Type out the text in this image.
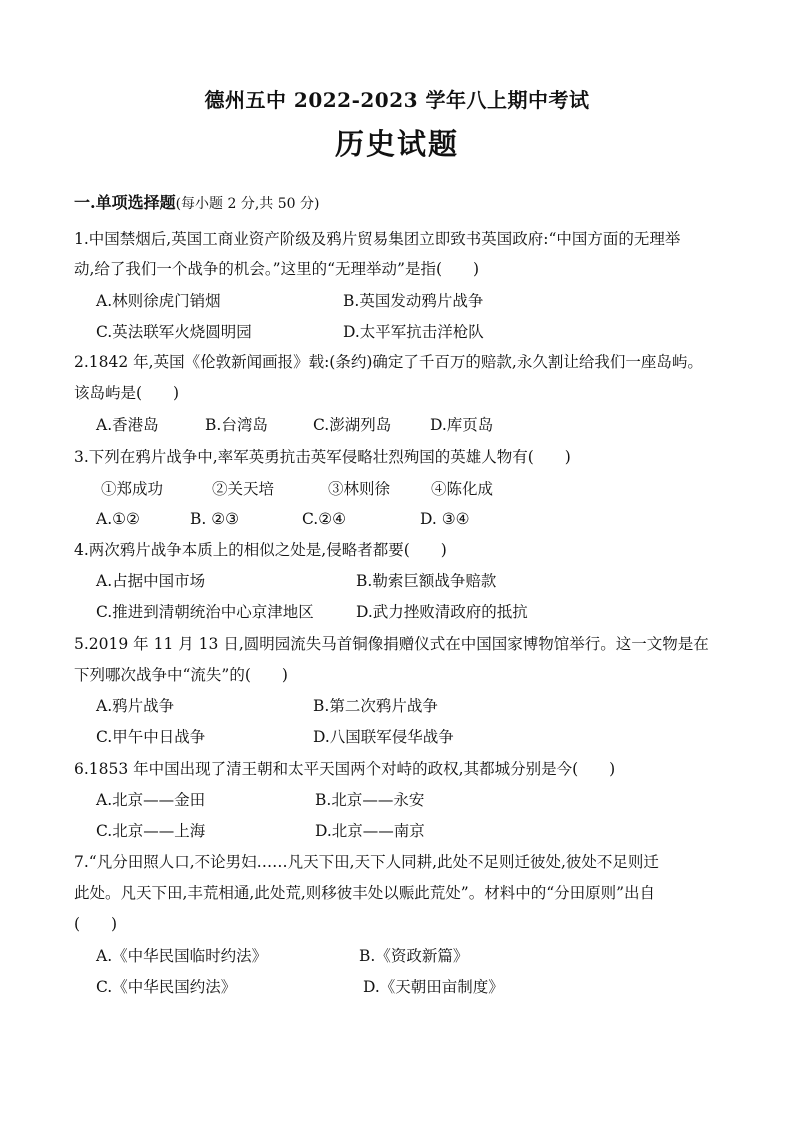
德州五中 2022-2023 学年八上期中考试
历史试题
一.单项选择题(每小题 2 分,共 50 分)
1.中国禁烟后,英国工商业资产阶级及鸦片贸易集团立即致书英国政府:“中国方面的无理举
动,给了我们一个战争的机会。”这里的“无理举动”是指(　　)
A.林则徐虎门销烟	B.英国发动鸦片战争
C.英法联军火烧圆明园	D.太平军抗击洋枪队
2.1842 年,英国《伦敦新闻画报》载:(条约)确定了千百万的赔款,永久割让给我们一座岛屿。
该岛屿是(　　)
A.香港岛	B.台湾岛	C.澎湖列岛	D.库页岛
3.下列在鸦片战争中,率军英勇抗击英军侵略壮烈殉国的英雄人物有(　　)
①郑成功	②关天培	③林则徐	④陈化成
A.①②	B. ②③	C.②④	D. ③④
4.两次鸦片战争本质上的相似之处是,侵略者都要(　　)
A.占据中国市场	B.勒索巨额战争赔款
C.推进到清朝统治中心京津地区	D.武力挫败清政府的抵抗
5.2019 年 11 月 13 日,圆明园流失马首铜像捐赠仪式在中国国家博物馆举行。这一文物是在
下列哪次战争中“流失”的(　　)
A.鸦片战争	B.第二次鸦片战争
C.甲午中日战争	D.八国联军侵华战争
6.1853 年中国出现了清王朝和太平天国两个对峙的政权,其都城分别是今(　　)
A.北京——金田	B.北京——永安
C.北京——上海	D.北京——南京
7.“凡分田照人口,不论男妇……凡天下田,天下人同耕,此处不足则迁彼处,彼处不足则迁
此处。凡天下田,丰荒相通,此处荒,则移彼丰处以赈此荒处”。材料中的“分田原则”出自
(　　)
A.《中华民国临时约法》	B.《资政新篇》
C.《中华民国约法》	D.《天朝田亩制度》
